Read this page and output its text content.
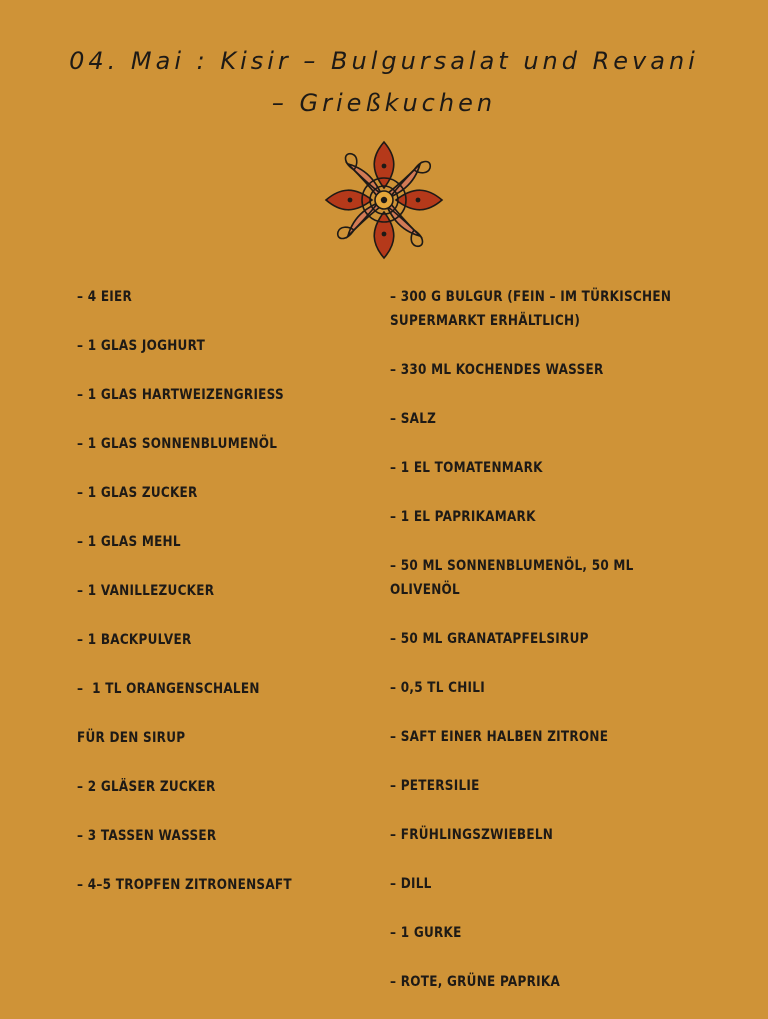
04. Mai : Kisir – Bulgursalat und Revani
– Grießkuchen
– 4 EIER
– 1 GLAS JOGHURT
– 1 GLAS HARTWEIZENGRIESS
– 1 GLAS SONNENBLUMENÖL
– 1 GLAS ZUCKER
– 1 GLAS MEHL
– 1 VANILLEZUCKER
– 1 BACKPULVER
–  1 TL ORANGENSCHALEN
FÜR DEN SIRUP
– 2 GLÄSER ZUCKER
– 3 TASSEN WASSER
– 4–5 TROPFEN ZITRONENSAFT
– 300 G BULGUR (FEIN – IM TÜRKISCHEN SUPERMARKT ERHÄLTLICH)
– 330 ML KOCHENDES WASSER
– SALZ
– 1 EL TOMATENMARK
– 1 EL PAPRIKAMARK
– 50 ML SONNENBLUMENÖL, 50 ML OLIVENÖL
– 50 ML GRANATAPFELSIRUP
– 0,5 TL CHILI
– SAFT EINER HALBEN ZITRONE
– PETERSILIE
– FRÜHLINGSZWIEBELN
– DILL
– 1 GURKE
– ROTE, GRÜNE PAPRIKA
